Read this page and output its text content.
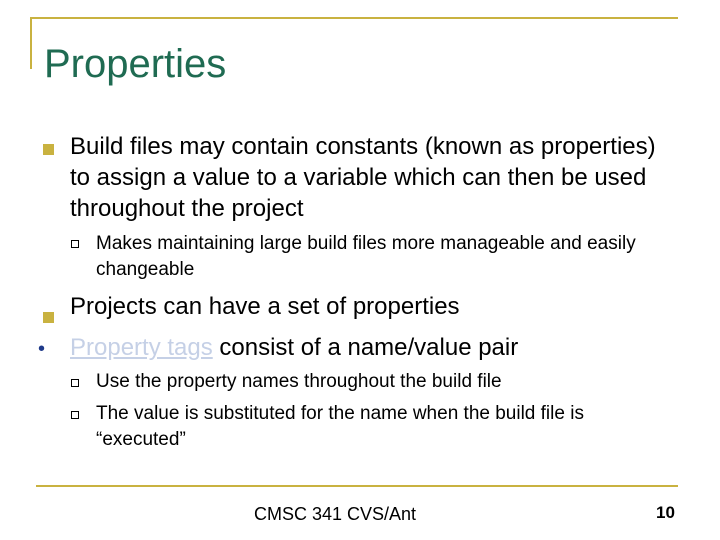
Properties
Build files may contain constants (known as properties) to assign a value to a variable which can then be used throughout the project
Makes maintaining large build files more manageable and easily changeable
Projects can have a set of properties
• Property tags consist of a name/value pair
Use the property names throughout the build file
The value is substituted for the name when the build file is “executed”
CMSC 341 CVS/Ant	10
